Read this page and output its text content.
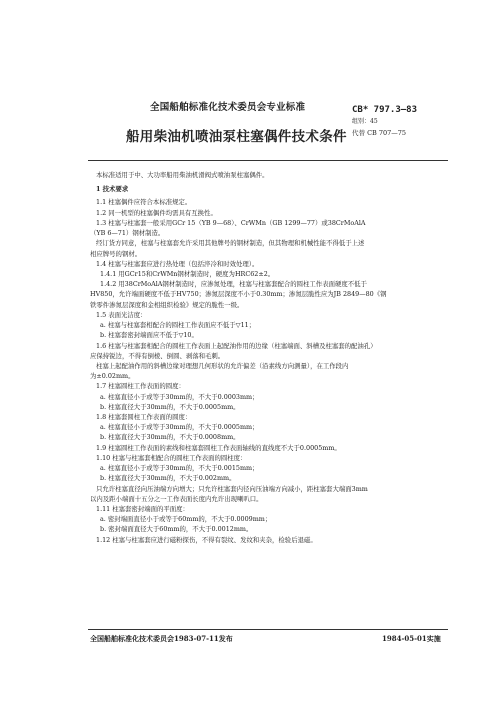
全国船舶标准化技术委员会专业标准
船用柴油机喷油泵柱塞偶件技术条件
CB* 797.3—83
组别：45
代替 CB 707—75

本标准适用于中、大功率船用柴油机滑阀式喷油泵柱塞偶件。

1 技术要求

1.1 柱塞偶件应符合本标准规定。

1.2 同一机型的柱塞偶件均需具有互换性。

1.3 柱塞与柱塞套一般采用GCr 15（YB 9—68）、CrWMn（GB 1299—77）或38CrMoAlA

（YB 6—71）钢材制造。

经订货方同意，柱塞与柱塞套允许采用其他牌号的钢材制造，但其物理和机械性能不得低于上述

相应牌号的钢材。

1.4 柱塞与柱塞套应进行热处理（包括淬冷和时效处理）。

1.4.1 用GCr15和CrWMn钢材制造时，硬度为HRC62±2。

1.4.2 用38CrMoAlA钢材制造时，应渗氮处理，柱塞与柱塞套配合的圆柱工作表面硬度不低于

HV850，允许端面硬度不低于HV750；渗氮层深度不小于0.30mm；渗氮层脆性应为JB 2849—80《钢

铁零件渗氮层深度和金相组织检验》规定的脆性一级。

1.5 表面光洁度：

a. 柱塞与柱塞套相配合的圆柱工作表面应不低于▽11；

b. 柱塞套密封端面应不低于▽10。

1.6 柱塞与柱塞套相配合的圆柱工作表面上起配油作用的边缘（柱塞端面、斜槽及柱塞套的配油孔）

应保持锐边，不得有倒棱、倒圆、剥落和毛刺。

柱塞上起配油作用的斜槽边缘对理想几何形状的允许偏差（沿素线方向测量），在工作段内

为±0.02mm。

1.7 柱塞圆柱工作表面的圆度：

a. 柱塞直径小于或等于30mm的，不大于0.0003mm；

b. 柱塞直径大于30mm的，不大于0.0005mm。

1.8 柱塞套圆柱工作表面的圆度：

a. 柱塞直径小于或等于30mm的，不大于0.0005mm；

b. 柱塞直径大于30mm的，不大于0.0008mm。

1.9 柱塞圆柱工作表面的素线和柱塞套圆柱工作表面轴线的直线度不大于0.0005mm。

1.10 柱塞与柱塞套相配合的圆柱工作表面的圆柱度：

a. 柱塞直径小于或等于30mm的，不大于0.0015mm；

b. 柱塞直径大于30mm的，不大于0.002mm。

只允许柱塞直径向压油端方向增大；只允许柱塞套内径向压油端方向减小，距柱塞套大端面3mm

以内及距小端面十五分之一工作表面长度内允许出现喇叭口。

1.11 柱塞套密封端面的平面度：

a. 密封端面直径小于或等于60mm的，不大于0.0009mm；

b. 密封端面直径大于60mm的，不大于0.0012mm。

1.12 柱塞与柱塞套应进行磁粉探伤，不得有裂纹、发纹和夹杂，检验后退磁。

全国船舶标准化技术委员会1983-07-11发布	1984-05-01实施
